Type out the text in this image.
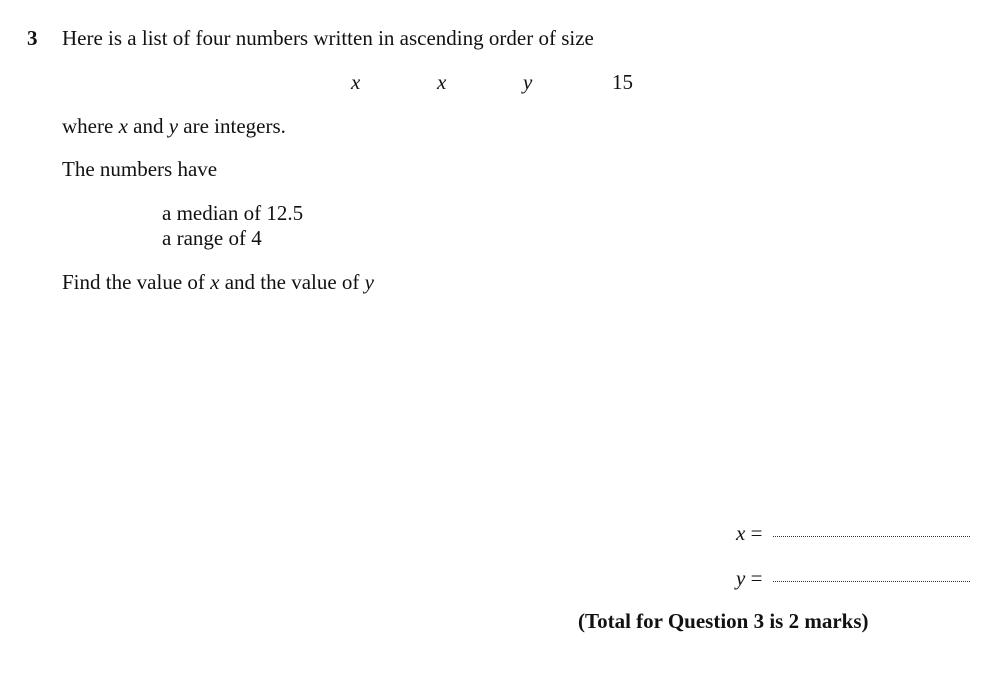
3 Here is a list of four numbers written in ascending order of size
x	x	y	15
where x and y are integers.
The numbers have
a median of 12.5
a range of 4
Find the value of x and the value of y
x =
y =
(Total for Question 3 is 2 marks)
